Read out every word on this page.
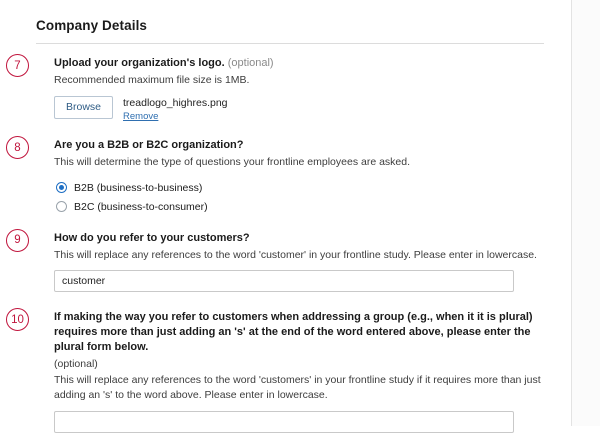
Company Details
7	Upload your organization's logo. (optional)
Recommended maximum file size is 1MB.
Browse	treadlogo_highres.png
Remove
8	Are you a B2B or B2C organization?
This will determine the type of questions your frontline employees are asked.
B2B (business-to-business)
B2C (business-to-consumer)
9	How do you refer to your customers?
This will replace any references to the word 'customer' in your frontline study. Please enter in lowercase.
customer
10	If making the way you refer to customers when addressing a group (e.g., when it it is plural) requires more than just adding an 's' at the end of the word entered above, please enter the plural form below.
(optional)
This will replace any references to the word 'customers' in your frontline study if it requires more than just adding an 's' to the word above. Please enter in lowercase.
